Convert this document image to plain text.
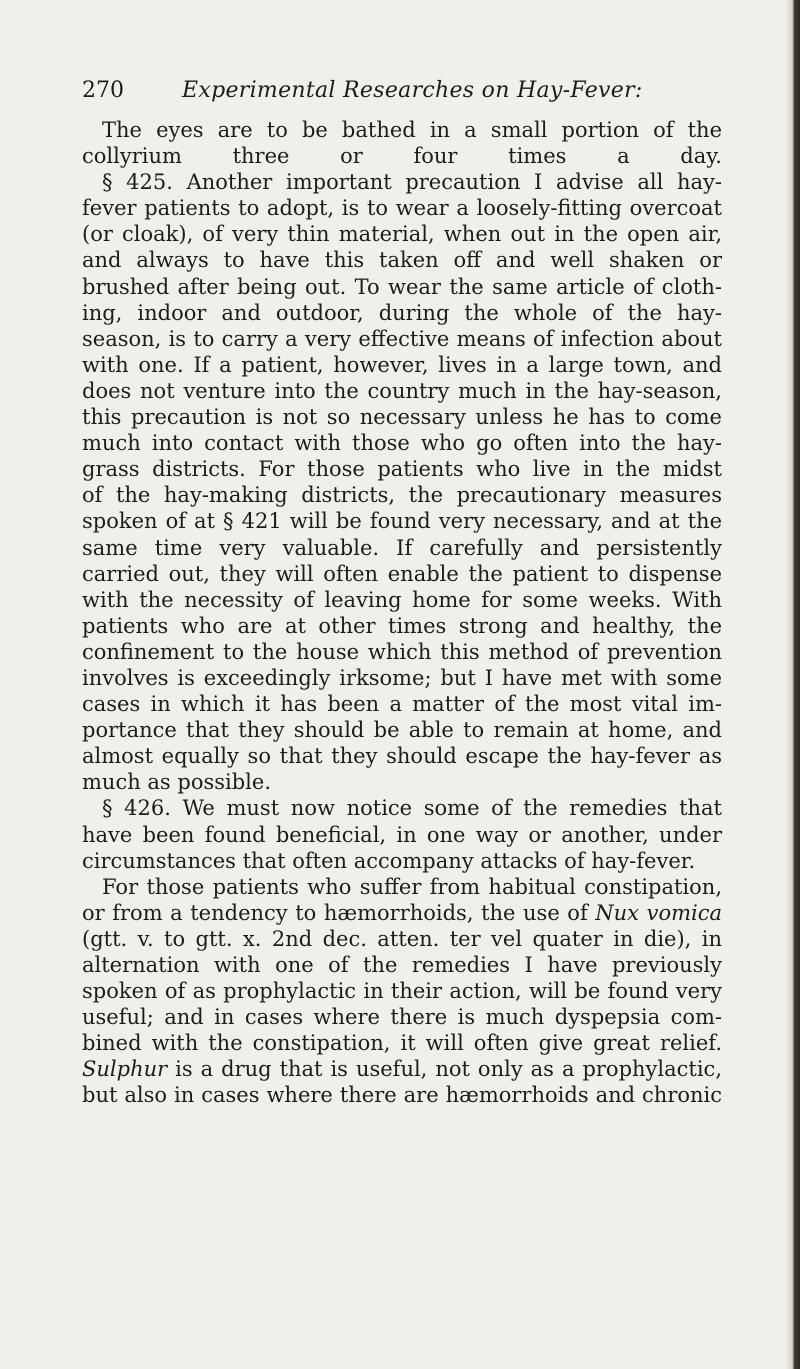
270	Experimental Researches on Hay-Fever:
The eyes are to be bathed in a small portion of the
collyrium three or four times a day.
§ 425. Another important precaution I advise all hay-
fever patients to adopt, is to wear a loosely-fitting overcoat
(or cloak), of very thin material, when out in the open air,
and always to have this taken off and well shaken or
brushed after being out. To wear the same article of cloth-
ing, indoor and outdoor, during the whole of the hay-
season, is to carry a very effective means of infection about
with one. If a patient, however, lives in a large town, and
does not venture into the country much in the hay-season,
this precaution is not so necessary unless he has to come
much into contact with those who go often into the hay-
grass districts. For those patients who live in the midst
of the hay-making districts, the precautionary measures
spoken of at § 421 will be found very necessary, and at the
same time very valuable. If carefully and persistently
carried out, they will often enable the patient to dispense
with the necessity of leaving home for some weeks. With
patients who are at other times strong and healthy, the
confinement to the house which this method of prevention
involves is exceedingly irksome; but I have met with some
cases in which it has been a matter of the most vital im-
portance that they should be able to remain at home, and
almost equally so that they should escape the hay-fever as
much as possible.
§ 426. We must now notice some of the remedies that
have been found beneficial, in one way or another, under
circumstances that often accompany attacks of hay-fever.
For those patients who suffer from habitual constipation,
or from a tendency to hæmorrhoids, the use of Nux vomica
(gtt. v. to gtt. x. 2nd dec. atten. ter vel quater in die), in
alternation with one of the remedies I have previously
spoken of as prophylactic in their action, will be found very
useful; and in cases where there is much dyspepsia com-
bined with the constipation, it will often give great relief.
Sulphur is a drug that is useful, not only as a prophylactic,
but also in cases where there are hæmorrhoids and chronic
